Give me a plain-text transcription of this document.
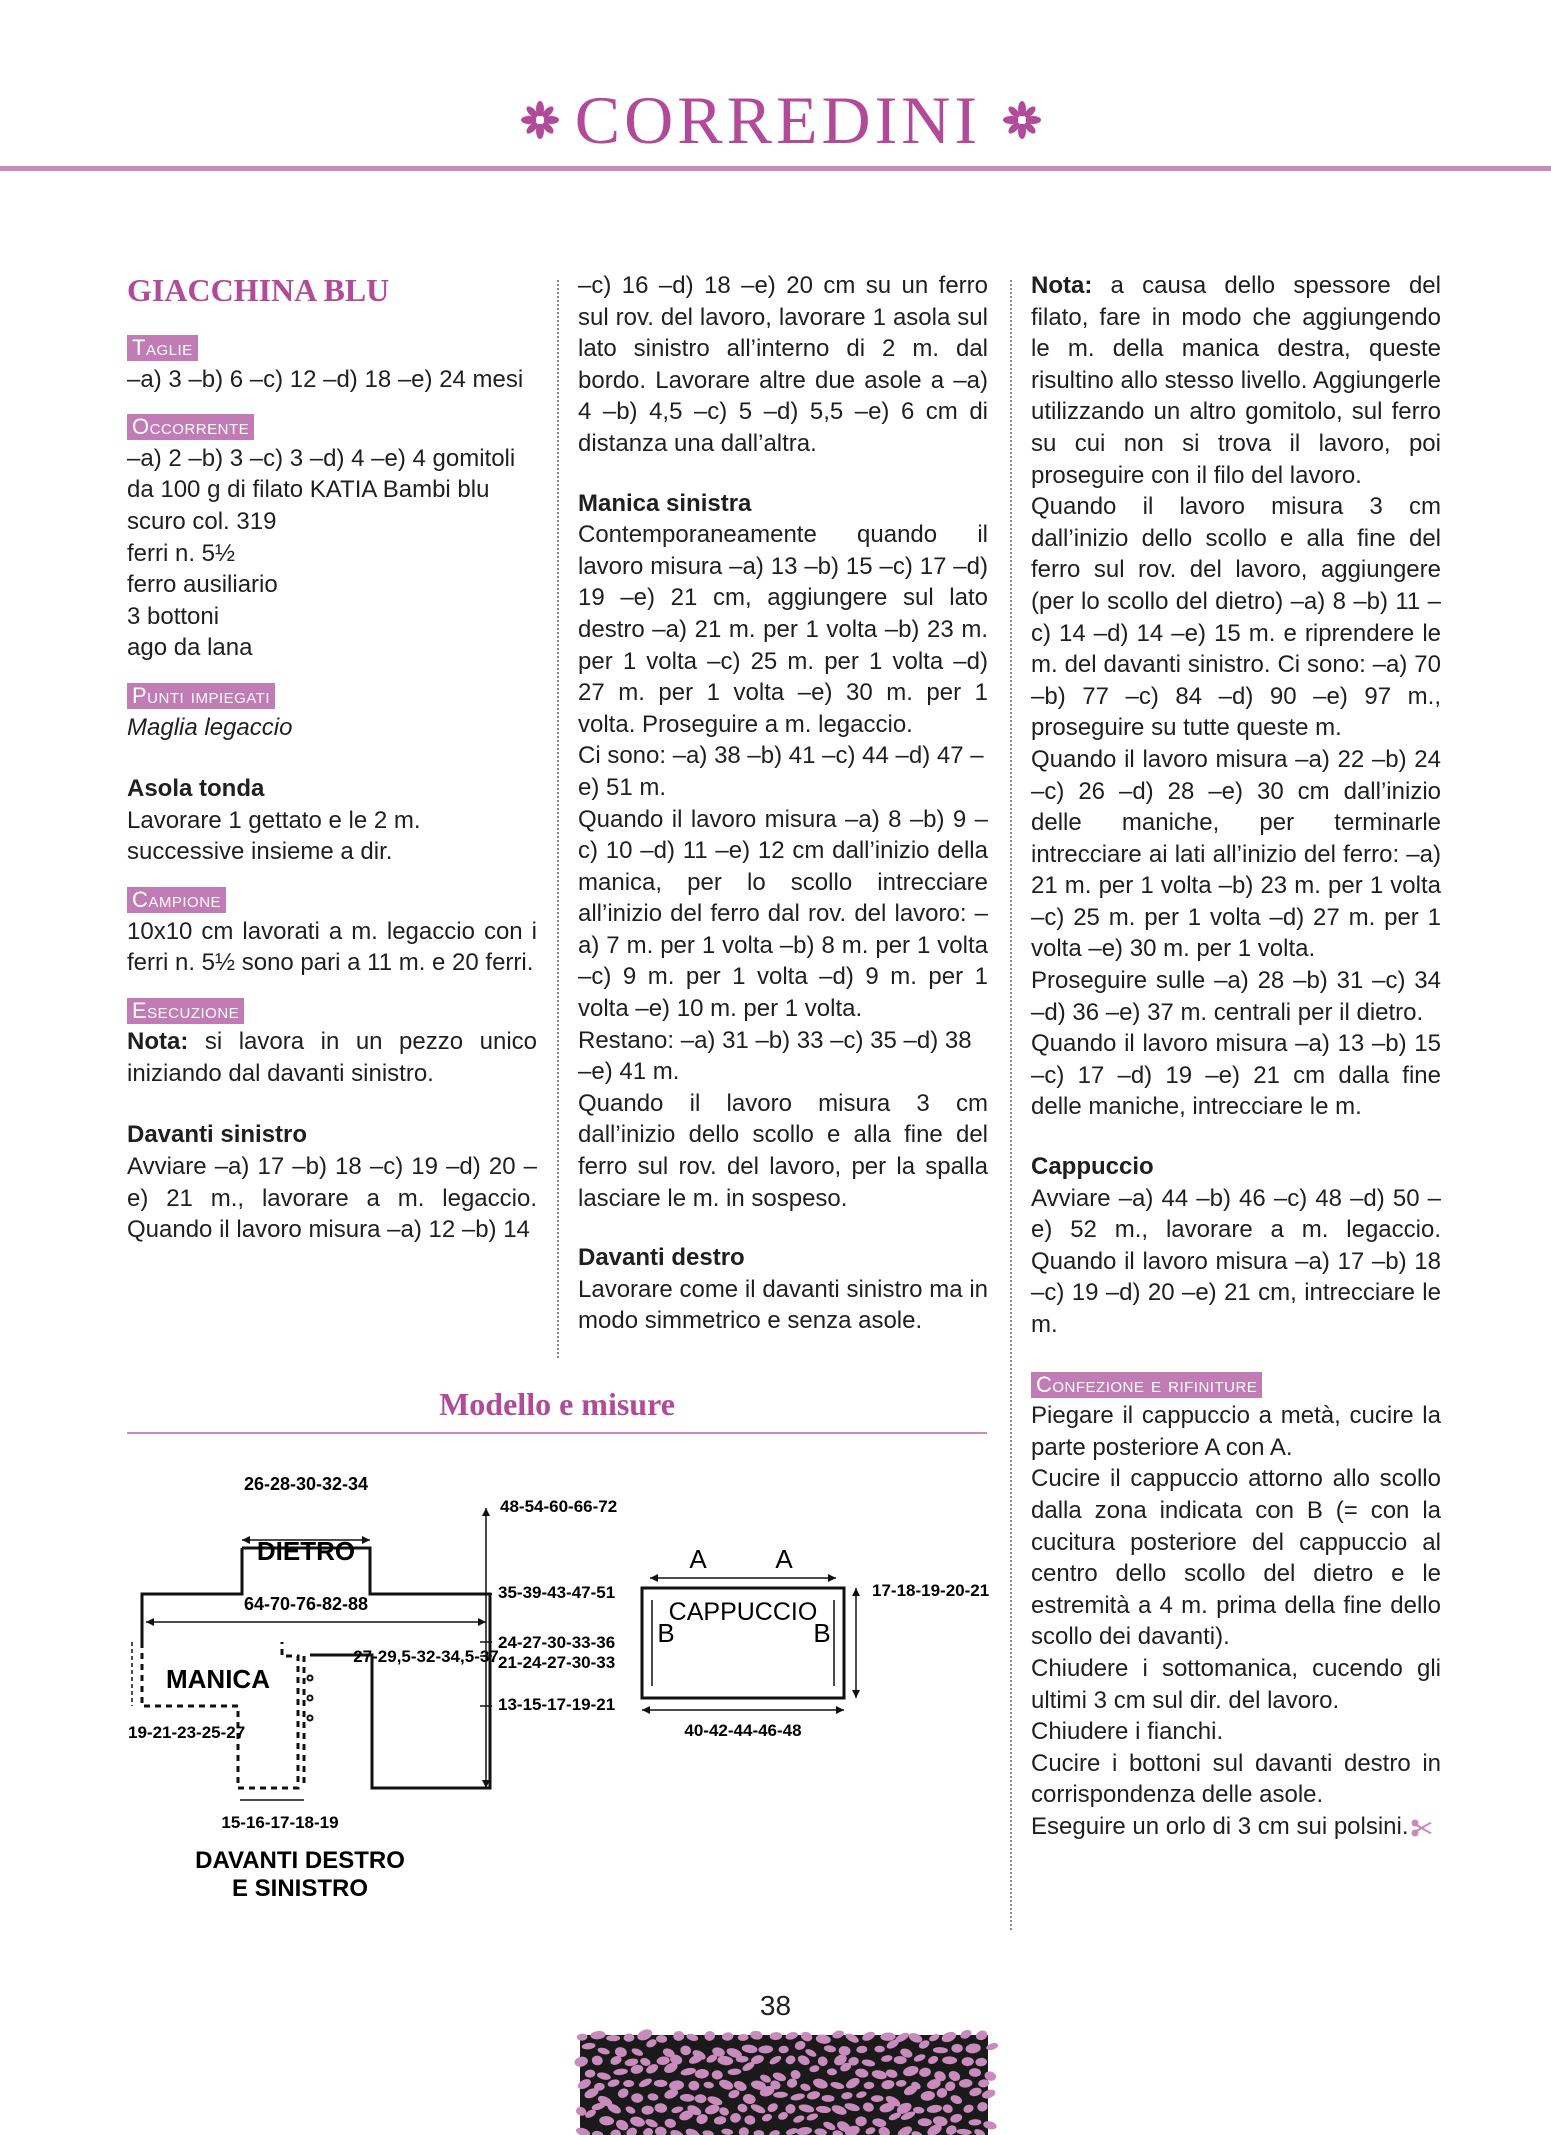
CORREDINI
GIACCHINA BLU
Taglie
–a) 3 –b) 6 –c) 12 –d) 18 –e) 24 mesi
Occorrente
–a) 2 –b) 3 –c) 3 –d) 4 –e) 4 gomitoli
da 100 g di filato KATIA Bambi blu
scuro col. 319
ferri n. 5½
ferro ausiliario
3 bottoni
ago da lana
Punti impiegati
Maglia legaccio
Asola tonda
Lavorare 1 gettato e le 2 m. successive insieme a dir.
Campione
10x10 cm lavorati a m. legaccio con i ferri n. 5½ sono pari a 11 m. e 20 ferri.
Esecuzione
Nota: si lavora in un pezzo unico iniziando dal davanti sinistro.
Davanti sinistro
Avviare –a) 17 –b) 18 –c) 19 –d) 20 –e) 21 m., lavorare a m. legaccio. Quando il lavoro misura –a) 12 –b) 14
–c) 16 –d) 18 –e) 20 cm su un ferro sul rov. del lavoro, lavorare 1 asola sul lato sinistro all’interno di 2 m. dal bordo. Lavorare altre due asole a –a) 4 –b) 4,5 –c) 5 –d) 5,5 –e) 6 cm di distanza una dall’altra.
Manica sinistra
Contemporaneamente quando il lavoro misura –a) 13 –b) 15 –c) 17 –d) 19 –e) 21 cm, aggiungere sul lato destro –a) 21 m. per 1 volta –b) 23 m. per 1 volta –c) 25 m. per 1 volta –d) 27 m. per 1 volta –e) 30 m. per 1 volta. Proseguire a m. legaccio.
Ci sono: –a) 38 –b) 41 –c) 44 –d) 47 –e) 51 m.
Quando il lavoro misura –a) 8 –b) 9 –c) 10 –d) 11 –e) 12 cm dall’inizio della manica, per lo scollo intrecciare all’inizio del ferro dal rov. del lavoro: –a) 7 m. per 1 volta –b) 8 m. per 1 volta –c) 9 m. per 1 volta –d) 9 m. per 1 volta –e) 10 m. per 1 volta.
Restano: –a) 31 –b) 33 –c) 35 –d) 38 –e) 41 m.
Quando il lavoro misura 3 cm dall’inizio dello scollo e alla fine del ferro sul rov. del lavoro, per la spalla lasciare le m. in sospeso.
Davanti destro
Lavorare come il davanti sinistro ma in modo simmetrico e senza asole.
Nota: a causa dello spessore del filato, fare in modo che aggiungendo le m. della manica destra, queste risultino allo stesso livello. Aggiungerle utilizzando un altro gomitolo, sul ferro su cui non si trova il lavoro, poi proseguire con il filo del lavoro.
Quando il lavoro misura 3 cm dall’inizio dello scollo e alla fine del ferro sul rov. del lavoro, aggiungere (per lo scollo del dietro) –a) 8 –b) 11 –c) 14 –d) 14 –e) 15 m. e riprendere le m. del davanti sinistro. Ci sono: –a) 70 –b) 77 –c) 84 –d) 90 –e) 97 m., proseguire su tutte queste m.
Quando il lavoro misura –a) 22 –b) 24 –c) 26 –d) 28 –e) 30 cm dall’inizio delle maniche, per terminarle intrecciare ai lati all’inizio del ferro: –a) 21 m. per 1 volta –b) 23 m. per 1 volta –c) 25 m. per 1 volta –d) 27 m. per 1 volta –e) 30 m. per 1 volta.
Proseguire sulle –a) 28 –b) 31 –c) 34 –d) 36 –e) 37 m. centrali per il dietro.
Quando il lavoro misura –a) 13 –b) 15 –c) 17 –d) 19 –e) 21 cm dalla fine delle maniche, intrecciare le m.
Cappuccio
Avviare –a) 44 –b) 46 –c) 48 –d) 50 –e) 52 m., lavorare a m. legaccio. Quando il lavoro misura –a) 17 –b) 18 –c) 19 –d) 20 –e) 21 cm, intrecciare le m.
Confezione e rifiniture
Piegare il cappuccio a metà, cucire la parte posteriore A con A.
Cucire il cappuccio attorno allo scollo dalla zona indicata con B (= con la cucitura posteriore del cappuccio al centro dello scollo del dietro e le estremità a 4 m. prima della fine dello scollo dei davanti).
Chiudere i sottomanica, cucendo gli ultimi 3 cm sul dir. del lavoro.
Chiudere i fianchi.
Cucire i bottoni sul davanti destro in corrispondenza delle asole.
Eseguire un orlo di 3 cm sui polsini.
Modello e misure
26-28-30-32-34
DIETRO
64-70-76-82-88
MANICA
27-29,5-32-34,5-37
19-21-23-25-27
15-16-17-18-19
DAVANTI DESTRO
E SINISTRO
48-54-60-66-72
35-39-43-47-51
24-27-30-33-36
21-24-27-30-33
13-15-17-19-21
A	A
CAPPUCCIO
B	B
40-42-44-46-48
17-18-19-20-21
38
